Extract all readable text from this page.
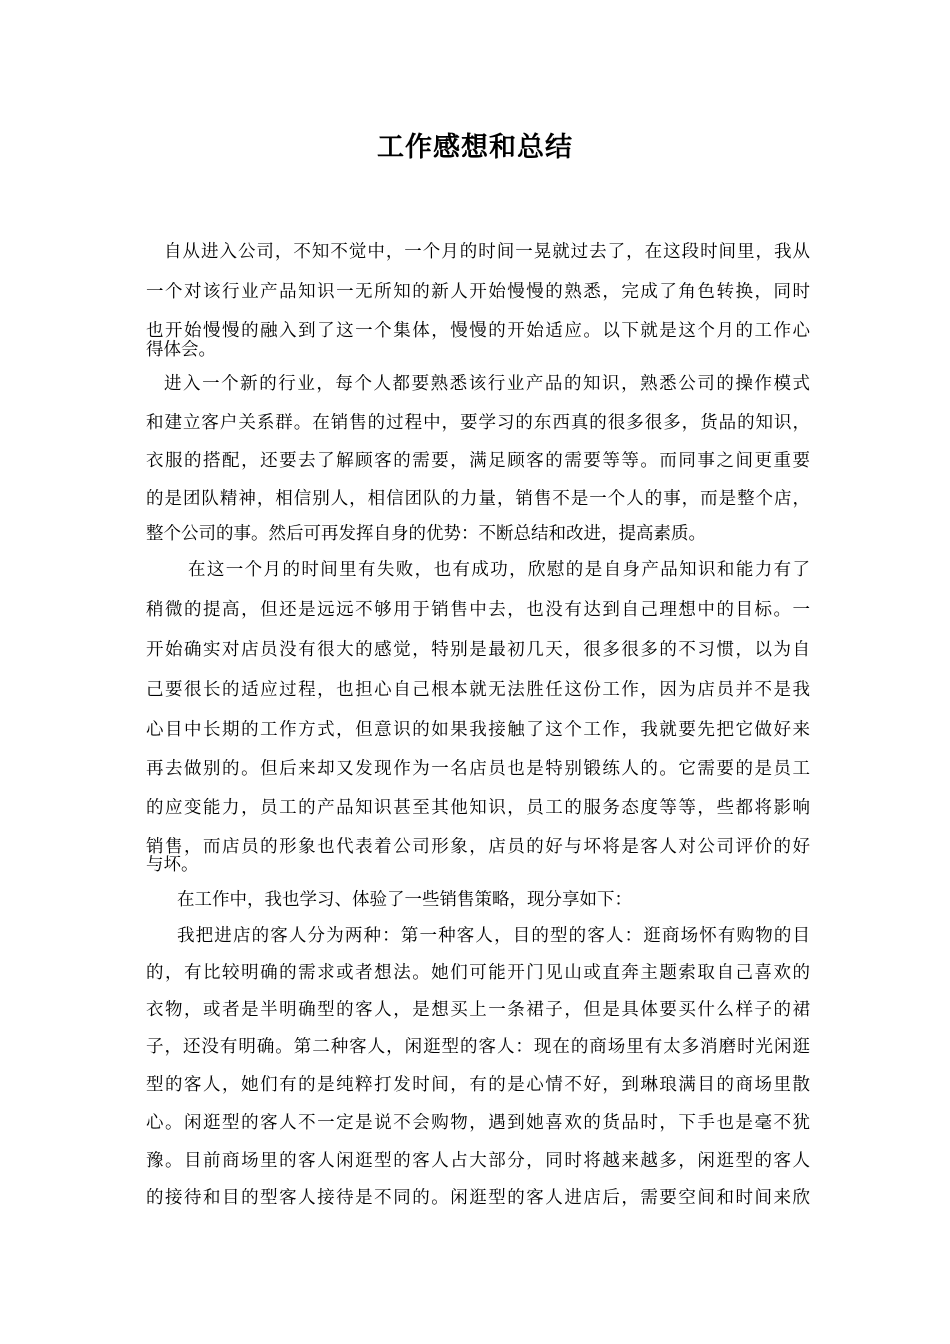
工作感想和总结
自从进入公司，不知不觉中，一个月的时间一晃就过去了，在这段时间里，我从
一个对该行业产品知识一无所知的新人开始慢慢的熟悉，完成了角色转换，同时
也开始慢慢的融入到了这一个集体，慢慢的开始适应。以下就是这个月的工作心
得体会。
进入一个新的行业，每个人都要熟悉该行业产品的知识，熟悉公司的操作模式
和建立客户关系群。在销售的过程中，要学习的东西真的很多很多，货品的知识，
衣服的搭配，还要去了解顾客的需要，满足顾客的需要等等。而同事之间更重要
的是团队精神，相信别人，相信团队的力量，销售不是一个人的事，而是整个店，
整个公司的事。然后可再发挥自身的优势：不断总结和改进，提高素质。
在这一个月的时间里有失败，也有成功，欣慰的是自身产品知识和能力有了
稍微的提高，但还是远远不够用于销售中去，也没有达到自己理想中的目标。一
开始确实对店员没有很大的感觉，特别是最初几天，很多很多的不习惯，以为自
己要很长的适应过程，也担心自己根本就无法胜任这份工作，因为店员并不是我
心目中长期的工作方式，但意识的如果我接触了这个工作，我就要先把它做好来
再去做别的。但后来却又发现作为一名店员也是特别锻练人的。它需要的是员工
的应变能力，员工的产品知识甚至其他知识，员工的服务态度等等，些都将影响
销售，而店员的形象也代表着公司形象，店员的好与坏将是客人对公司评价的好
与坏。
在工作中，我也学习、体验了一些销售策略，现分享如下：
我把进店的客人分为两种：第一种客人，目的型的客人：逛商场怀有购物的目
的，有比较明确的需求或者想法。她们可能开门见山或直奔主题索取自己喜欢的
衣物，或者是半明确型的客人，是想买上一条裙子，但是具体要买什么样子的裙
子，还没有明确。第二种客人，闲逛型的客人：现在的商场里有太多消磨时光闲逛
型的客人，她们有的是纯粹打发时间，有的是心情不好，到琳琅满目的商场里散
心。闲逛型的客人不一定是说不会购物，遇到她喜欢的货品时，下手也是毫不犹
豫。目前商场里的客人闲逛型的客人占大部分，同时将越来越多，闲逛型的客人
的接待和目的型客人接待是不同的。闲逛型的客人进店后，需要空间和时间来欣
